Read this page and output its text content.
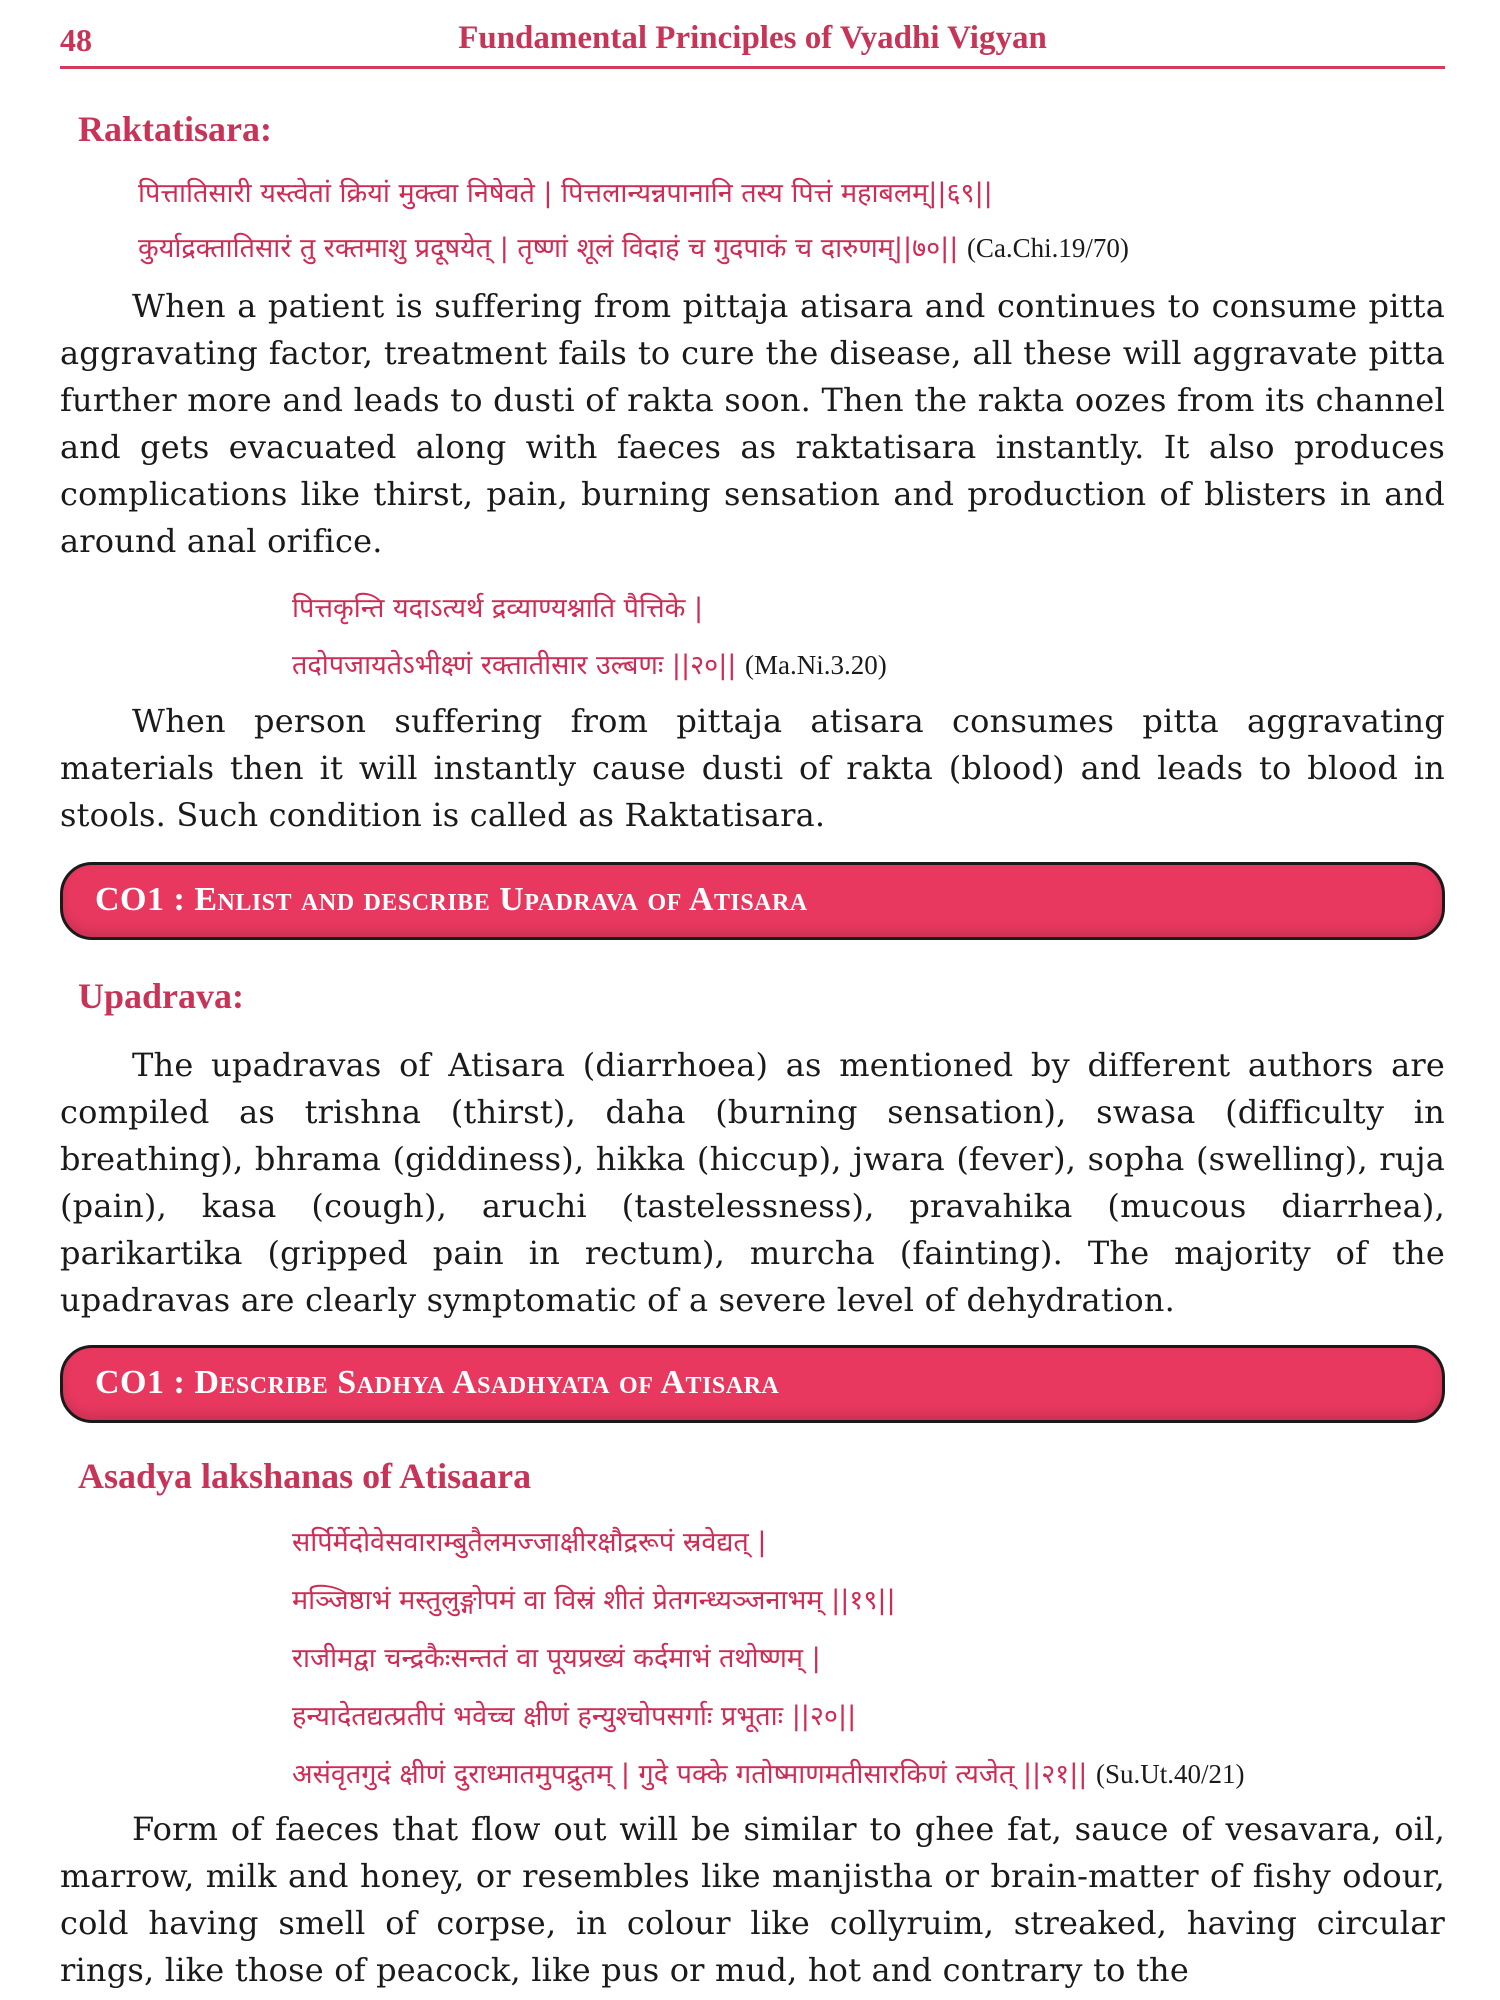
48	Fundamental Principles of Vyadhi Vigyan
Raktatisara:
पित्तातिसारी यस्त्वेतां क्रियां मुक्त्वा निषेवते | पित्तलान्यन्नपानानि तस्य पित्तं महाबलम्||६९||
कुर्याद्रक्तातिसारं तु रक्तमाशु प्रदूषयेत् | तृष्णां शूलं विदाहं च गुदपाकं च दारुणम्||७०|| (Ca.Chi.19/70)

When a patient is suffering from pittaja atisara and continues to consume pitta aggravating factor, treatment fails to cure the disease, all these will aggravate pitta further more and leads to dusti of rakta soon. Then the rakta oozes from its channel and gets evacuated along with faeces as raktatisara instantly. It also produces complications like thirst, pain, burning sensation and production of blisters in and around anal orifice.

पित्तकृन्ति यदाऽत्यर्थ द्रव्याण्यश्नाति पैत्तिके |
तदोपजायतेऽभीक्ष्णं रक्तातीसार उल्बणः ||२०|| (Ma.Ni.3.20)

When person suffering from pittaja atisara consumes pitta aggravating materials then it will instantly cause dusti of rakta (blood) and leads to blood in stools. Such condition is called as Raktatisara.

CO1 : Enlist and describe Upadrava of Atisara
Upadrava:

The upadravas of Atisara (diarrhoea) as mentioned by different authors are compiled as trishna (thirst), daha (burning sensation), swasa (difficulty in breathing), bhrama (giddiness), hikka (hiccup), jwara (fever), sopha (swelling), ruja (pain), kasa (cough), aruchi (tastelessness), pravahika (mucous diarrhea), parikartika (gripped pain in rectum), murcha (fainting). The majority of the upadravas are clearly symptomatic of a severe level of dehydration.

CO1 : Describe Sadhya Asadhyata of Atisara
Asadya lakshanas of Atisaara
सर्पिर्मेदोवेसवाराम्बुतैलमज्जाक्षीरक्षौद्ररूपं स्रवेद्यत् |
मञ्जिष्ठाभं मस्तुलुङ्गोपमं वा विस्रं शीतं प्रेतगन्ध्यञ्जनाभम् ||१९||
राजीमद्वा चन्द्रकैःसन्ततं वा पूयप्रख्यं कर्दमाभं तथोष्णम् |
हन्यादेतद्यत्प्रतीपं भवेच्च क्षीणं हन्युश्चोपसर्गाः प्रभूताः ||२०||
असंवृतगुदं क्षीणं दुराध्मातमुपद्रुतम् | गुदे पक्के गतोष्माणमतीसारकिणं त्यजेत् ||२१|| (Su.Ut.40/21)

Form of faeces that flow out will be similar to ghee fat, sauce of vesavara, oil, marrow, milk and honey, or resembles like manjistha or brain-matter of fishy odour, cold having smell of corpse, in colour like collyruim, streaked, having circular rings, like those of peacock, like pus or mud, hot and contrary to the
